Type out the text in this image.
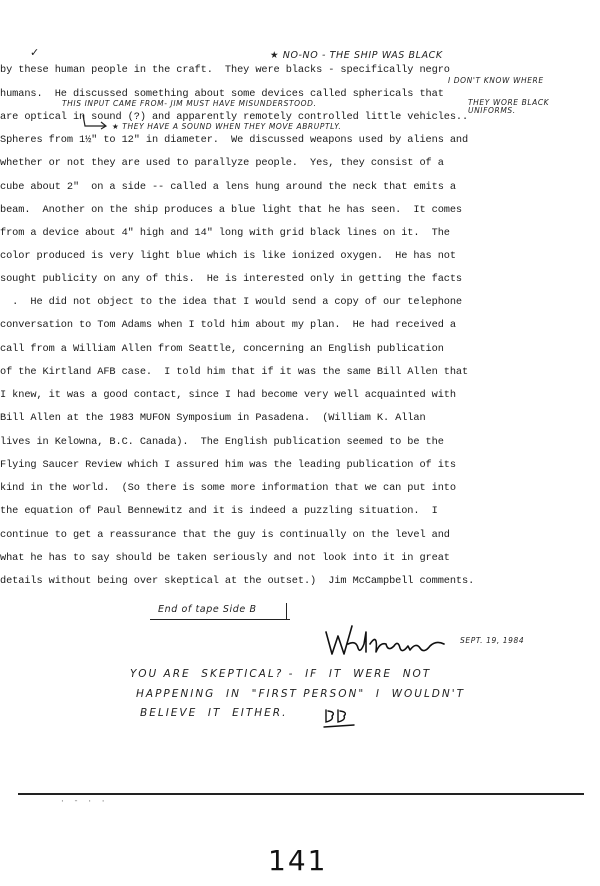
✓	★ NO-NO - THE SHIP WAS BLACK
I DON'T KNOW WHERE
THIS INPUT CAME FROM- JIM MUST HAVE MISUNDERSTOOD.	THEY WORE BLACK UNIFORMS.
★ THEY HAVE A SOUND WHEN THEY MOVE ABRUPTLY.
by these human people in the craft.  They were blacks - specifically negro
humans.  He discussed something about some devices called sphericals that
are optical in sound (?) and apparently remotely controlled little vehicles..
Spheres from 1½" to 12" in diameter.  We discussed weapons used by aliens and
whether or not they are used to parallyze people.  Yes, they consist of a
cube about 2"  on a side -- called a lens hung around the neck that emits a
beam.  Another on the ship produces a blue light that he has seen.  It comes
from a device about 4" high and 14" long with grid black lines on it.  The
color produced is very light blue which is like ionized oxygen.  He has not
sought publicity on any of this.  He is interested only in getting the facts
.  He did not object to the idea that I would send a copy of our telephone
conversation to Tom Adams when I told him about my plan.  He had received a
call from a William Allen from Seattle, concerning an English publication
of the Kirtland AFB case.  I told him that if it was the same Bill Allen that
I knew, it was a good contact, since I had become very well acquainted with
Bill Allen at the 1983 MUFON Symposium in Pasadena.  (William K. Allan
lives in Kelowna, B.C. Canada).  The English publication seemed to be the
Flying Saucer Review which I assured him was the leading publication of its
kind in the world.  (So there is some more information that we can put into
the equation of Paul Bennewitz and it is indeed a puzzling situation.  I
continue to get a reassurance that the guy is continually on the level and
what he has to say should be taken seriously and not look into it in great
details without being over skeptical at the outset.)  Jim McCampbell comments.
End of tape Side B
SEPT. 19, 1984
YOU ARE  SKEPTICAL? -  IF  IT  WERE  NOT
HAPPENING  IN  "FIRST PERSON"  I  WOULDN'T
BELIEVE  IT  EITHER.
· - · ·
141
